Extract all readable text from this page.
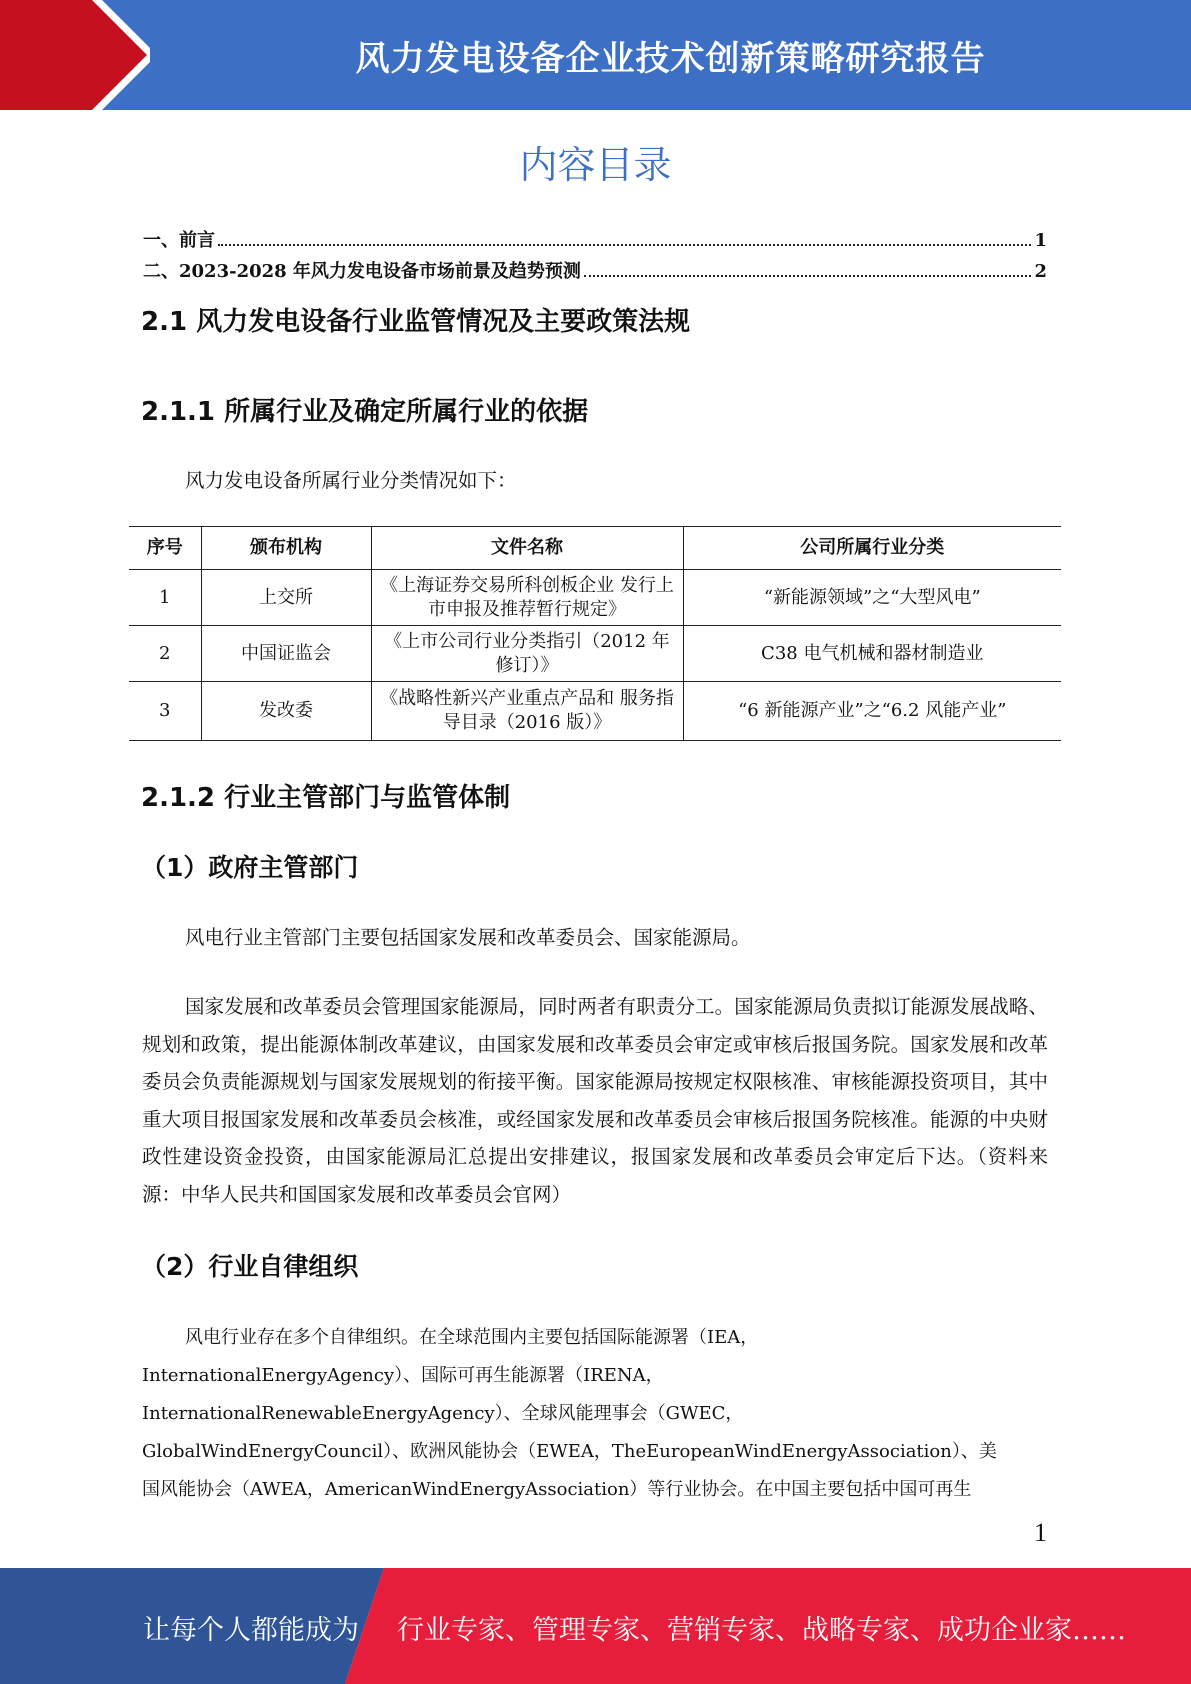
风力发电设备企业技术创新策略研究报告
内容目录
一、前言	1
二、2023-2028 年风力发电设备市场前景及趋势预测	2
2.1 风力发电设备行业监管情况及主要政策法规
2.1.1 所属行业及确定所属行业的依据
风力发电设备所属行业分类情况如下：
序号	颁布机构	文件名称	公司所属行业分类
1	上交所	《上海证券交易所科创板企业 发行上市申报及推荐暂行规定》	“新能源领域”之“大型风电”
2	中国证监会	《上市公司行业分类指引（2012 年修订）》	C38 电气机械和器材制造业
3	发改委	《战略性新兴产业重点产品和 服务指导目录（2016 版）》	“6 新能源产业”之“6.2 风能产业”
2.1.2 行业主管部门与监管体制
（1）政府主管部门
风电行业主管部门主要包括国家发展和改革委员会、国家能源局。
国家发展和改革委员会管理国家能源局，同时两者有职责分工。国家能源局负责拟订能源发展战略、规划和政策，提出能源体制改革建议，由国家发展和改革委员会审定或审核后报国务院。国家发展和改革委员会负责能源规划与国家发展规划的衔接平衡。国家能源局按规定权限核准、审核能源投资项目，其中重大项目报国家发展和改革委员会核准，或经国家发展和改革委员会审核后报国务院核准。能源的中央财政性建设资金投资，由国家能源局汇总提出安排建议，报国家发展和改革委员会审定后下达。（资料来源：中华人民共和国国家发展和改革委员会官网）
（2）行业自律组织
风电行业存在多个自律组织。在全球范围内主要包括国际能源署（IEA，
InternationalEnergyAgency）、国际可再生能源署（IRENA，
InternationalRenewableEnergyAgency）、全球风能理事会（GWEC，
GlobalWindEnergyCouncil）、欧洲风能协会（EWEA，TheEuropeanWindEnergyAssociation）、美
国风能协会（AWEA，AmericanWindEnergyAssociation）等行业协会。在中国主要包括中国可再生
1
让每个人都能成为 行业专家、管理专家、营销专家、战略专家、成功企业家……
